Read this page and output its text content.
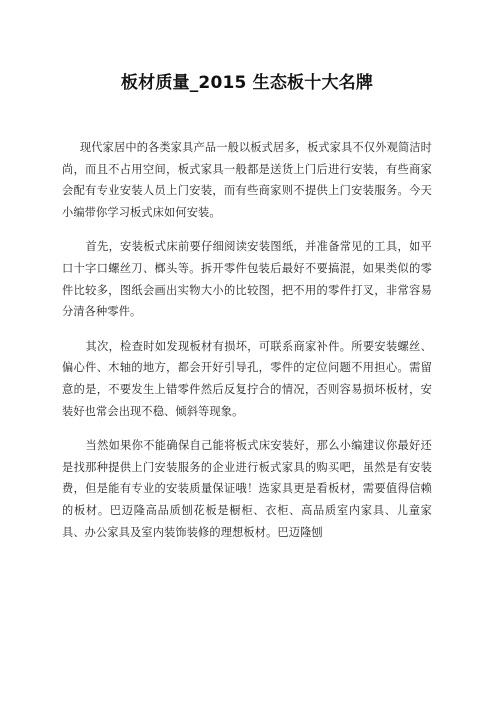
板材质量_2015 生态板十大名牌

现代家居中的各类家具产品一般以板式居多，板式家具不仅外观简洁时尚，而且不占用空间，板式家具一般都是送货上门后进行安装，有些商家会配有专业安装人员上门安装，而有些商家则不提供上门安装服务。今天小编带你学习板式床如何安装。

首先，安装板式床前要仔细阅读安装图纸，并准备常见的工具，如平口十字口螺丝刀、榔头等。拆开零件包装后最好不要搞混，如果类似的零件比较多，图纸会画出实物大小的比较图，把不用的零件打叉，非常容易分清各种零件。

其次，检查时如发现板材有损坏，可联系商家补件。所要安装螺丝、偏心件、木轴的地方，都会开好引导孔，零件的定位问题不用担心。需留意的是，不要发生上错零件然后反复拧合的情况，否则容易损坏板材，安装好也常会出现不稳、倾斜等现象。

当然如果你不能确保自己能将板式床安装好，那么小编建议你最好还是找那种提供上门安装服务的企业进行板式家具的购买吧，虽然是有安装费，但是能有专业的安装质量保证哦！选家具更是看板材，需要值得信赖的板材。巴迈隆高品质刨花板是橱柜、衣柜、高品质室内家具、儿童家具、办公家具及室内装饰装修的理想板材。巴迈隆刨
